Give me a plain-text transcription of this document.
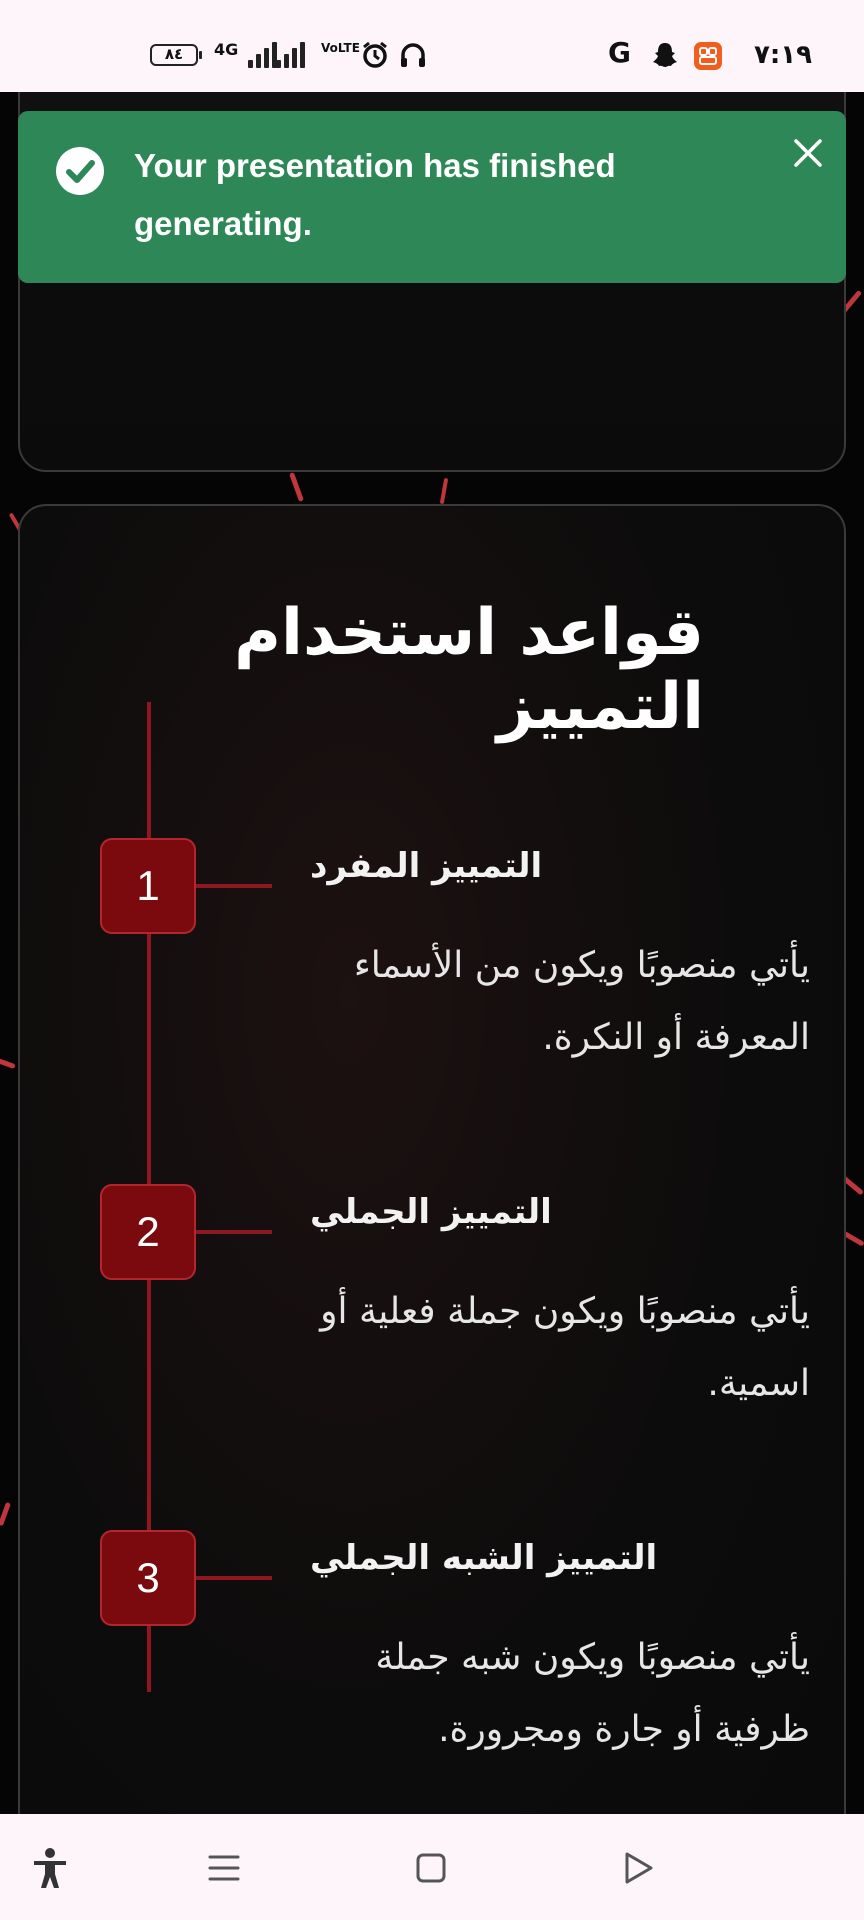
٨٤	4G	VoLTE	G	٧:١٩
قواعد استخدام التمييز
1	التمييز المفرد
يأتي منصوبًا ويكون من الأسماء المعرفة أو النكرة.
2	التمييز الجملي
يأتي منصوبًا ويكون جملة فعلية أو اسمية.
3	التمييز الشبه الجملي
يأتي منصوبًا ويكون شبه جملة ظرفية أو جارة ومجرورة.
Your presentation has finished generating.
